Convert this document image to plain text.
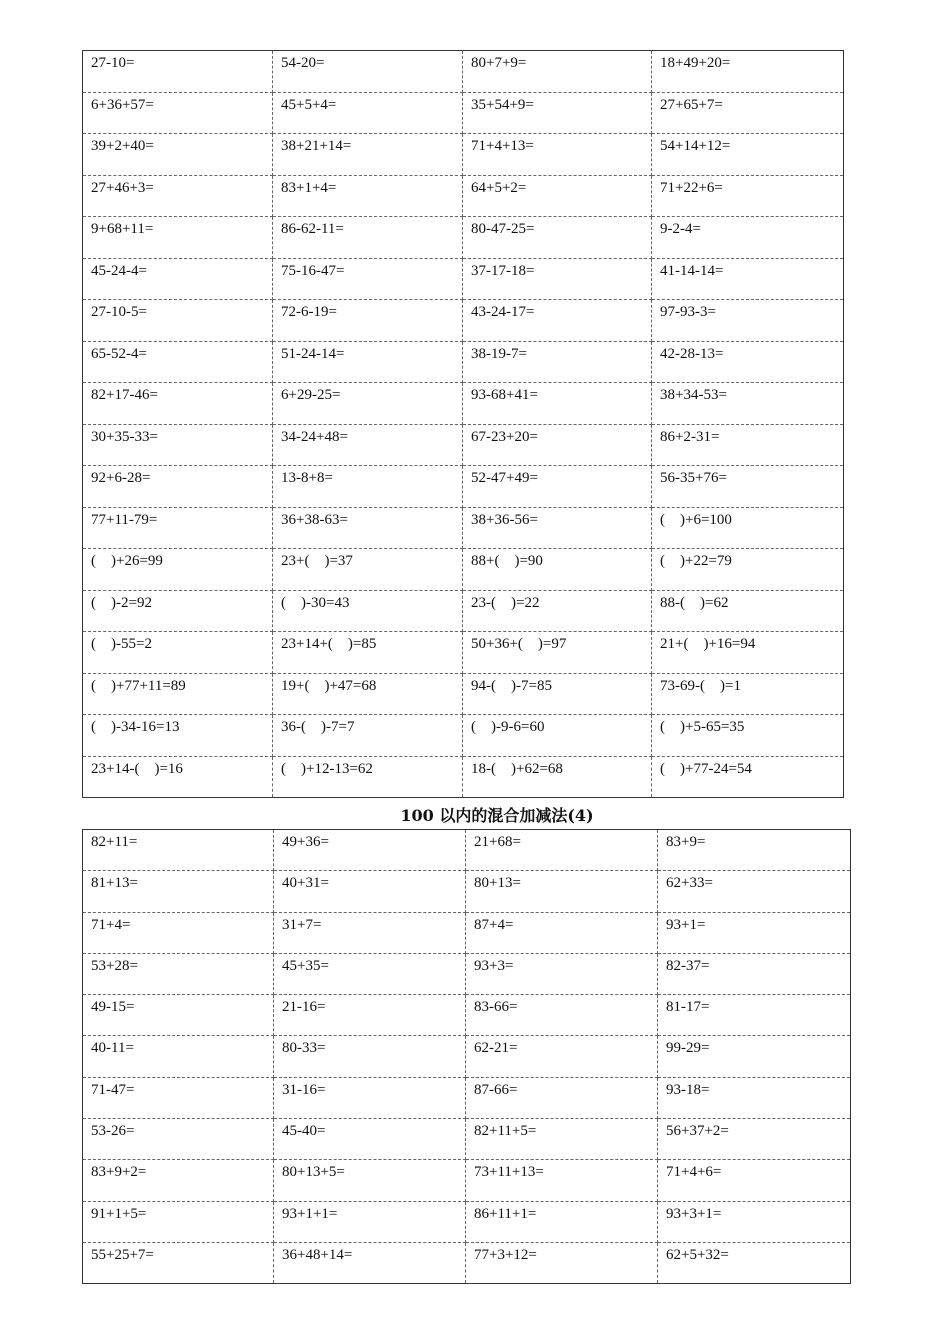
27-10=	54-20=	80+7+9=	18+49+20=
6+36+57=	45+5+4=	35+54+9=	27+65+7=
39+2+40=	38+21+14=	71+4+13=	54+14+12=
27+46+3=	83+1+4=	64+5+2=	71+22+6=
9+68+11=	86-62-11=	80-47-25=	9-2-4=
45-24-4=	75-16-47=	37-17-18=	41-14-14=
27-10-5=	72-6-19=	43-24-17=	97-93-3=
65-52-4=	51-24-14=	38-19-7=	42-28-13=
82+17-46=	6+29-25=	93-68+41=	38+34-53=
30+35-33=	34-24+48=	67-23+20=	86+2-31=
92+6-28=	13-8+8=	52-47+49=	56-35+76=
77+11-79=	36+38-63=	38+36-56=	(    )+6=100
(    )+26=99	23+(    )=37	88+(    )=90	(    )+22=79
(    )-2=92	(    )-30=43	23-(    )=22	88-(    )=62
(    )-55=2	23+14+(    )=85	50+36+(    )=97	21+(    )+16=94
(    )+77+11=89	19+(    )+47=68	94-(    )-7=85	73-69-(    )=1
(    )-34-16=13	36-(    )-7=7	(    )-9-6=60	(    )+5-65=35
23+14-(    )=16	(    )+12-13=62	18-(    )+62=68	(    )+77-24=54
100 以内的混合加减法(4)
82+11=	49+36=	21+68=	83+9=
81+13=	40+31=	80+13=	62+33=
71+4=	31+7=	87+4=	93+1=
53+28=	45+35=	93+3=	82-37=
49-15=	21-16=	83-66=	81-17=
40-11=	80-33=	62-21=	99-29=
71-47=	31-16=	87-66=	93-18=
53-26=	45-40=	82+11+5=	56+37+2=
83+9+2=	80+13+5=	73+11+13=	71+4+6=
91+1+5=	93+1+1=	86+11+1=	93+3+1=
55+25+7=	36+48+14=	77+3+12=	62+5+32=
